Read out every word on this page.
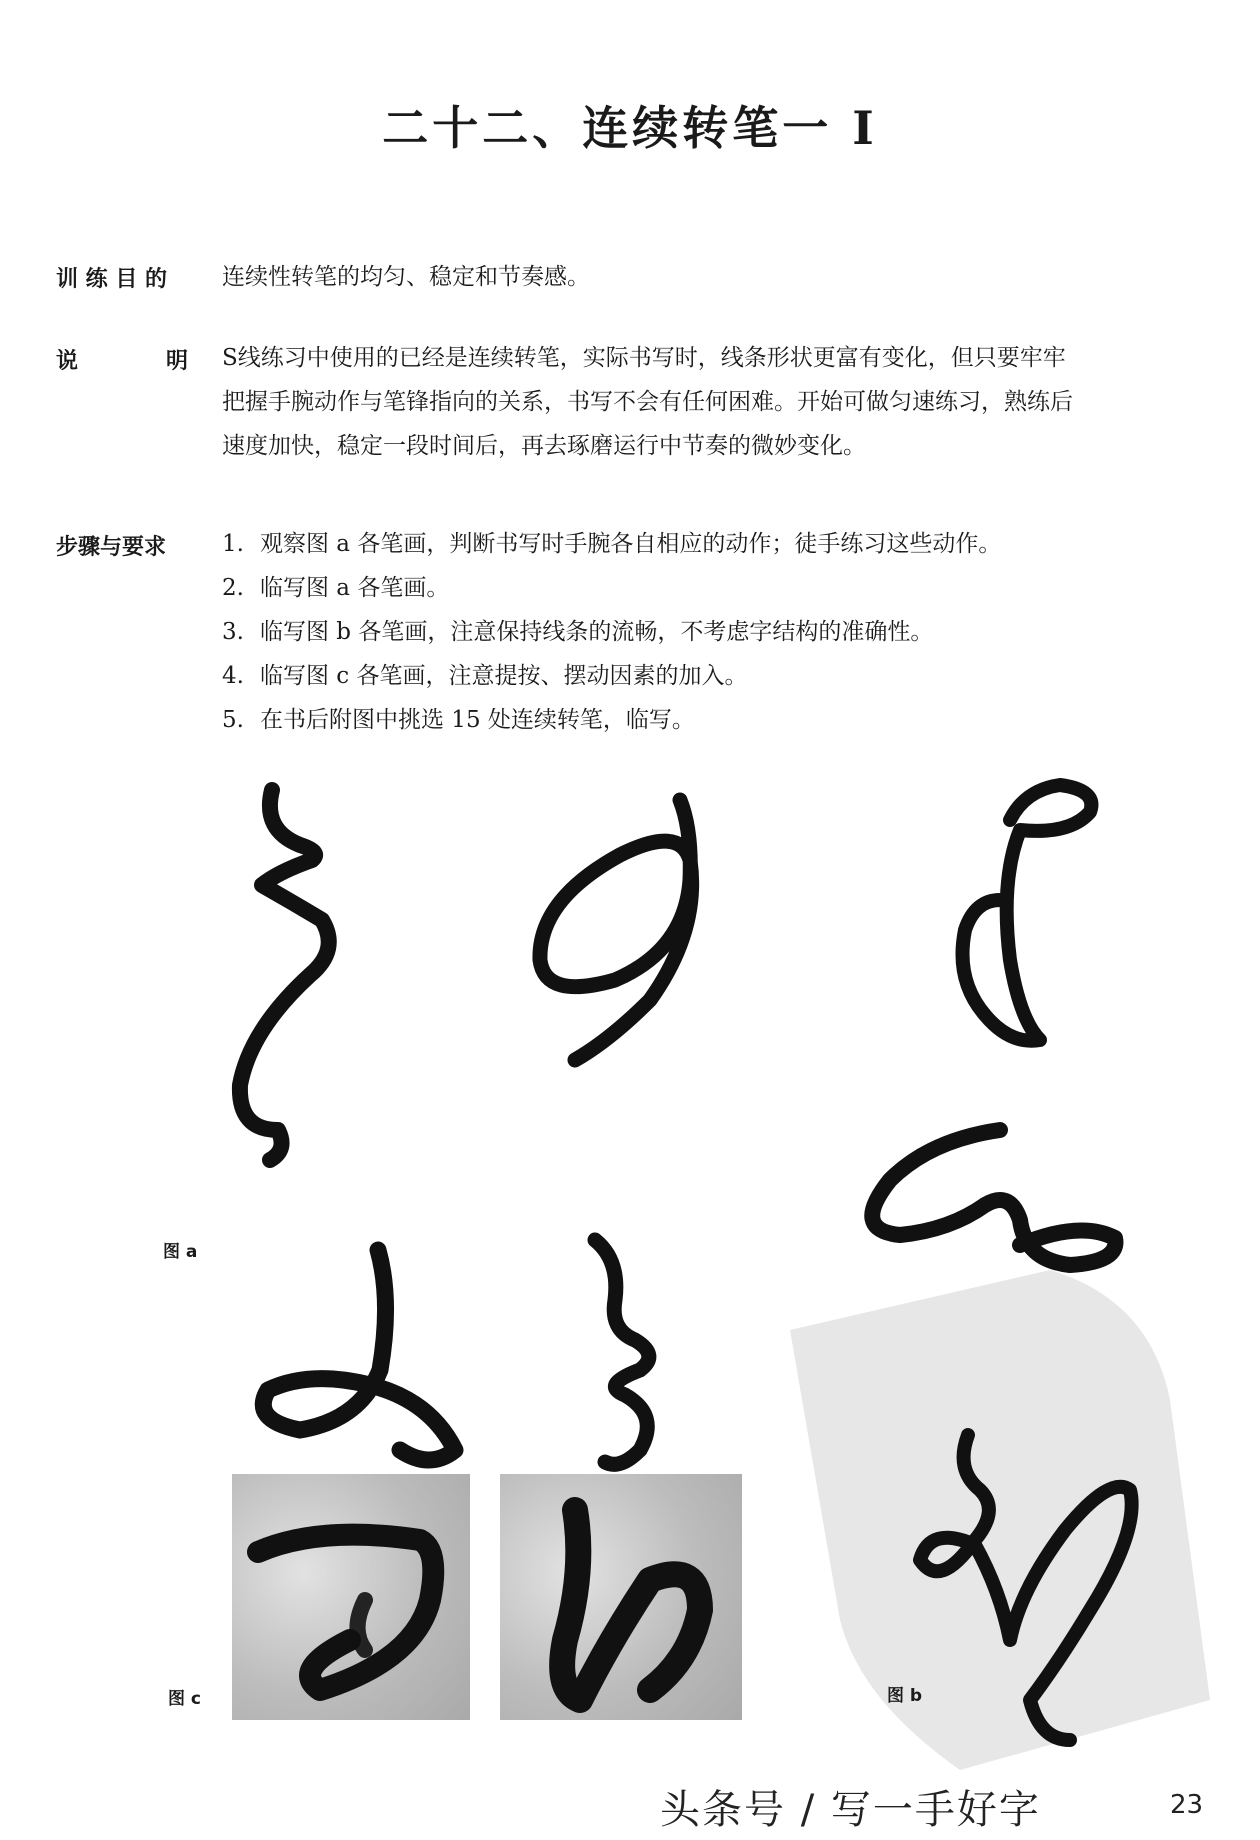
二十二、连续转笔一 I
训 练 目 的	连续性转笔的均匀、稳定和节奏感。
说	明 S线练习中使用的已经是连续转笔，实际书写时，线条形状更富有变化，但只要牢牢
把握手腕动作与笔锋指向的关系，书写不会有任何困难。开始可做匀速练习，熟练后
速度加快，稳定一段时间后，再去琢磨运行中节奏的微妙变化。
步骤与要求	1. 观察图 a 各笔画，判断书写时手腕各自相应的动作；徒手练习这些动作。
2. 临写图 a 各笔画。
3. 临写图 b 各笔画，注意保持线条的流畅，不考虑字结构的准确性。
4. 临写图 c 各笔画，注意提按、摆动因素的加入。
5. 在书后附图中挑选 15 处连续转笔，临写。
图 a
图 b
图 c
头条号 / 写一手好字	23
